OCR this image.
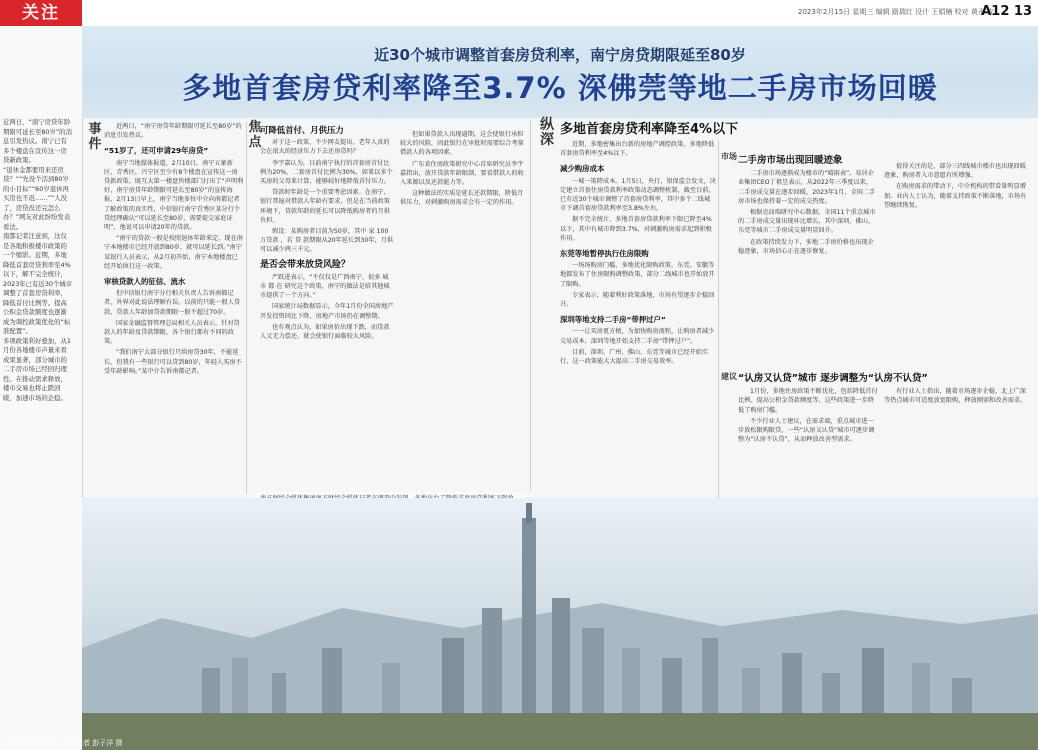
关注	2023年2月15日 星期三 编辑 路瑞红 设计 王娟楠 校对 黄永 安
A12 13

近两日，“南宁房贷年龄期限可延长至80岁”的消息引发热议。南宁已有多个楼盘在宣传这一房贷新政策。

“退休金都要用来还房贷？”“先设个活到80岁的小目标”“60岁退休再买房也不迟……”“人没了，房贷没还完怎么办？”网友对此纷纷发表看法。

南都记者注意到，这仅是各地积极楼市政策的一个缩影。近期，多地降低首套房贷利率至4%以下，解不完全统计，2023年已有近30个城市调整了首套房贷利率，降低首付比例等。提高公积金贷款额度也逐渐成为调控政策优化的“标准配置”。

多项政策利好叠加，从1月份各地楼市声量来看成果显著，部分城市的二手房市场已经回归理性。在推动需求释放，楼市交易也将止跌回暖，加速市场的企稳。

近30个城市调整首套房贷利率，南宁房贷期限延至80岁
多地首套房贷利率降至3.7% 深佛莞等地二手房市场回暖
事件

近两日，“南宁房贷年龄期限可延长至80岁”的消息引发热议。

“51岁了，还可申请29年房贷”

南宁当地媒体报道，2月10日，南宁五象新区，青秀区，兴宁区至少有8个楼盘在宣传这一房贷新政策。既互大第一楼盘售楼部门打出了“声明利好，南宁房贷年龄期限可延长至80岁”的宣传海报，2月13日早上，南宁当地多位中介向南都记者了解政策的真实性，中信银行南宁青秀区某分行个贷经理确认“可以延长至80岁，需要提交家庭证明”，他说可以申请20年的贷款。

“南宁的贷款一般是按照退休年龄来定。现在南宁本地楼市已经开放到80岁，就可以延长到。”南宁某银行人员表示，从2月初开始，南宁本地楼盘已经开始执行这一政策。

审核贷款人的征信、流水

但中信银行南宁分行相关负责人告诉南都记者，外界对此说法理解有误。以前的只能一般人贷款，贷款人年龄加贷款期限一般不超过70岁。

国家金融监督管理总局相关人员表示，针对贷款人的年龄及贷款期限，各个银行都有不同的政策。

“我们南宁大部分银行只给房贷30年，不能延长，但我有一些银行可以贷到80岁，年轻人买房不受年龄影响。”某中介告诉南都记者。

焦点

可降低首付、月供压力

对于这一政策，不少网友提出，老年人真的会在很大的经济压力下去还房贷吗？

李宇嘉认为，目前南宁执行的首套房首付比例为20%，二套房首付比例为30%，如果以多个买房的父母来计算，能够较好地降低首付压力。

贷款时年龄是一个重要考虑因素。在南宁，银行普遍对借款人年龄有要求，但是在当前政策环境下，贷款年龄的延长可以降低购房者的月供负担。

假设：某购房者目前为50岁，其中 家 100万贷款 ，若 贷 款期限从20年延长到30年，月供可以减少两三千元。

是否会带来放贷风险？

严跃进表示，“不仅仅是广西南宁，很多 城 市 都 在 研究这个政策，南宁的做法是给其他城市提供了一个方向。”

国家统计局数据显示，今年1月份全国房地产开发投资同比下降，房地产市场仍在调整期。

也有观点认为，如果房价出现下跌，而贷款人又无力偿还，就会使银行面临较大风险。

但如果贷款人出现逾期，这会使银行承担较大的风险，因此银行在审批时需要综合考量借款人的各项因素。

广东省住房政策研究中心首席研究员李宇嘉指出，放开贷款年龄限制，要看借款人的收入来源以及还款能力等。

这种做法的实质是延长还款期限，降低月供压力，对刺激购房需求会有一定的作用。

纵深
多地首套房贷利率降至4%以下

近期，多地密集出台新的房地产调控政策，多地降低首套房贷利率至4%以下。

减少购房成本

一城一策降成本。1月5日，央行、银保监会发文，决定建立首套住房贷款利率政策动态调整机制，截至目前，已有近30个城市调整了首套房贷利率，其中多个二线城市下调首套房贷款利率至3.8%左右。

据不完全统计，多地首套房贷款利率下限已降至4%以下，其中有城市降到3.7%，对刺激购房需求起到积极作用。

东莞等地暂停执行住房限购

一场场购房门槛、多地优化限购政策，东莞、安徽等地都发布了住房限购调整政策，部分二线城市也开始放开了限购。

专家表示，随着利好政策落地，市场有望逐步企稳回升。

深圳等地支持二手房“带押过户”

一一让买房更方便，为加快购房流程，让购房者减少交易成本，深圳等地开始支持二手房“带押过户”。

目前，深圳、广州、佛山、东莞等城市已经开始实行，这一政策能大大提高二手房交易效率。

市场 二手房市场出现回暖迹象

二手房市场逐渐成为楼市的“晴雨表”。易居企业集团CEO丁祖昱表示，从2022年三季度以来，二手房成交量在逐步回暖，2023年1月，全国二手房市场也保持着一定的成交热度。

根据克而瑞研究中心数据，全国11个重点城市的二手房成交量出现环比增长，其中深圳、佛山、东莞等城市二手房成交量明显回升。

在政策持续发力下，多地二手房价格也出现企稳迹象，市场信心正在逐步修复。

值得关注的是，部分三四线城市楼市也出现回暖迹象，购房者入市意愿有所增强。

在购房需求的带动下，中介机构的带看量明显增加。业内人士认为，随着支持政策不断落地，市场有望继续恢复。

建议 “认房又认贷”城市 逐步调整为“认房不认贷”

1月份，多地住房政策不断优化，包括降低首付比例、提高公积金贷款额度等，这些政策进一步降低了购房门槛。

不少行业人士建议，在需求端，重点城市进一步放松限购限贷，一些“认房又认贷”城市可逐步调整为“认房不认贷”，从而释放改善型需求。

有行业人士指出，随着市场逐步企稳，北上广深等热点城市可适度放宽限购，释放刚需和改善需求。

深圳市城市景观。南都记者 彭子洋 摄
